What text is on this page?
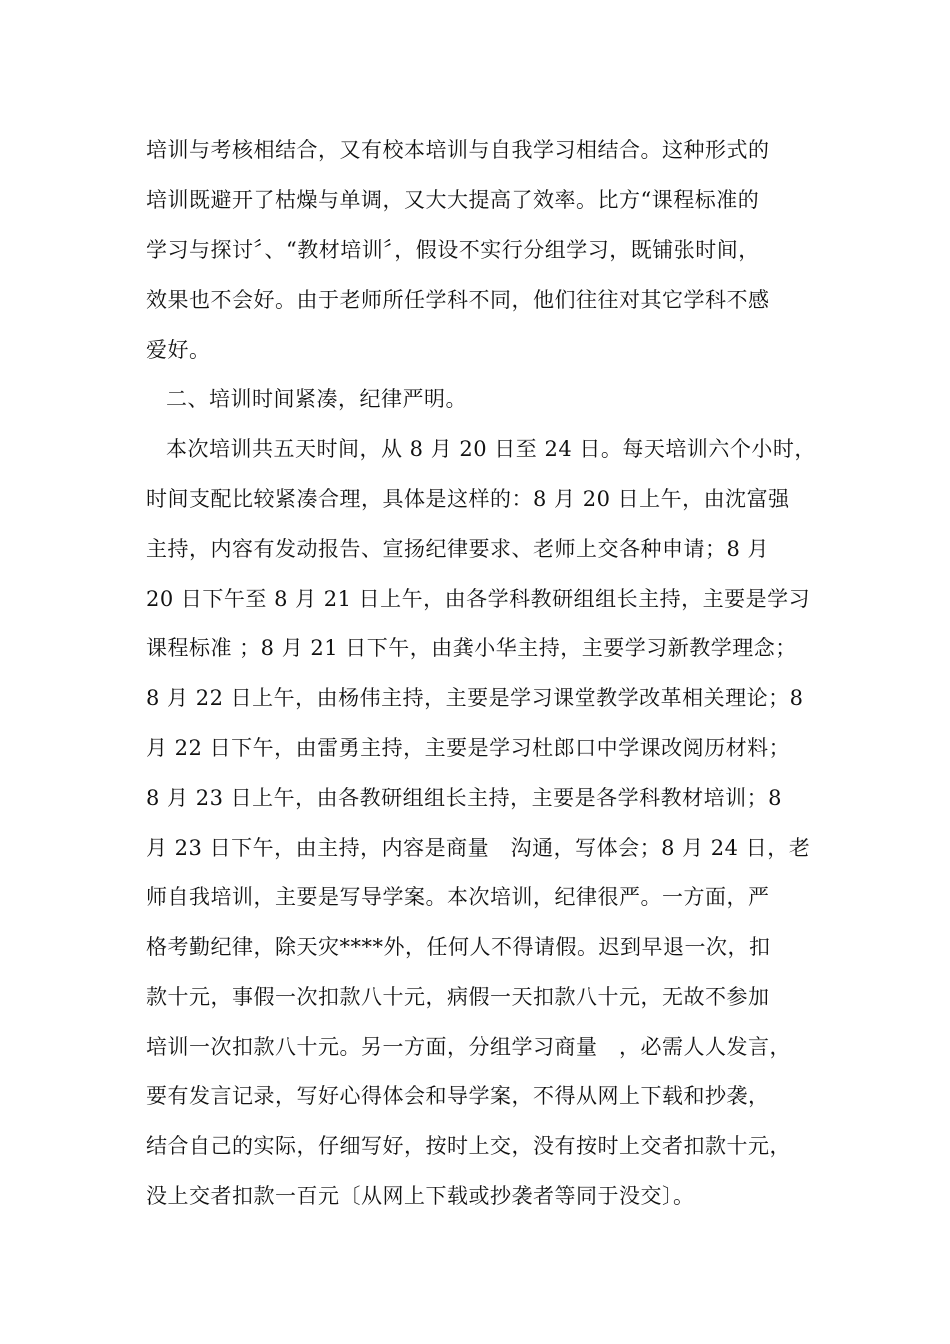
培训与考核相结合，又有校本培训与自我学习相结合。这种形式的
培训既避开了枯燥与单调，又大大提高了效率。比方“课程标准的
学习与探讨〞、“教材培训〞，假设不实行分组学习，既铺张时间，
效果也不会好。由于老师所任学科不同，他们往往对其它学科不感
爱好。
二、培训时间紧凑，纪律严明。
本次培训共五天时间，从 8 月 20 日至 24 日。每天培训六个小时，
时间支配比较紧凑合理，具体是这样的：8 月 20 日上午，由沈富强
主持，内容有发动报告、宣扬纪律要求、老师上交各种申请；8 月
20 日下午至 8 月 21 日上午，由各学科教研组组长主持，主要是学习
课程标准 ；8 月 21 日下午，由龚小华主持，主要学习新教学理念；
8 月 22 日上午，由杨伟主持，主要是学习课堂教学改革相关理论；8
月 22 日下午，由雷勇主持，主要是学习杜郎口中学课改阅历材料；
8 月 23 日上午，由各教研组组长主持，主要是各学科教材培训；8
月 23 日下午，由主持，内容是商量   沟通，写体会；8 月 24 日，老
师自我培训，主要是写导学案。本次培训，纪律很严。一方面，严
格考勤纪律，除天灾****外，任何人不得请假。迟到早退一次，扣
款十元，事假一次扣款八十元，病假一天扣款八十元，无故不参加
培训一次扣款八十元。另一方面，分组学习商量   ，必需人人发言，
要有发言记录，写好心得体会和导学案，不得从网上下载和抄袭，
结合自己的实际，仔细写好，按时上交，没有按时上交者扣款十元，
没上交者扣款一百元〔从网上下载或抄袭者等同于没交〕。
